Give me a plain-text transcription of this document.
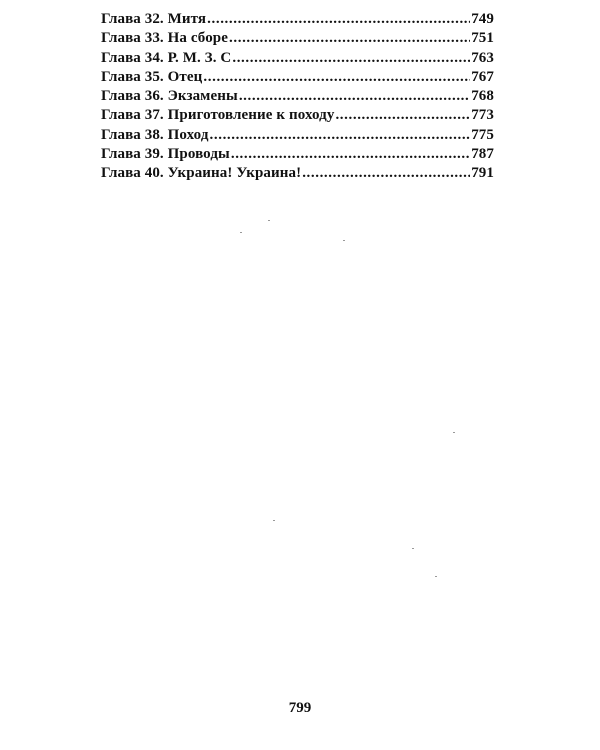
Глава 32. Митя .....	749
Глава 33. На сборе .....	751
Глава 34. Р. М. З. С .....	763
Глава 35. Отец .....	767
Глава 36. Экзамены .....	768
Глава 37. Приготовление к походу .....	773
Глава 38. Поход .....	775
Глава 39. Проводы .....	787
Глава 40. Украина! Украина! .....	791
799
